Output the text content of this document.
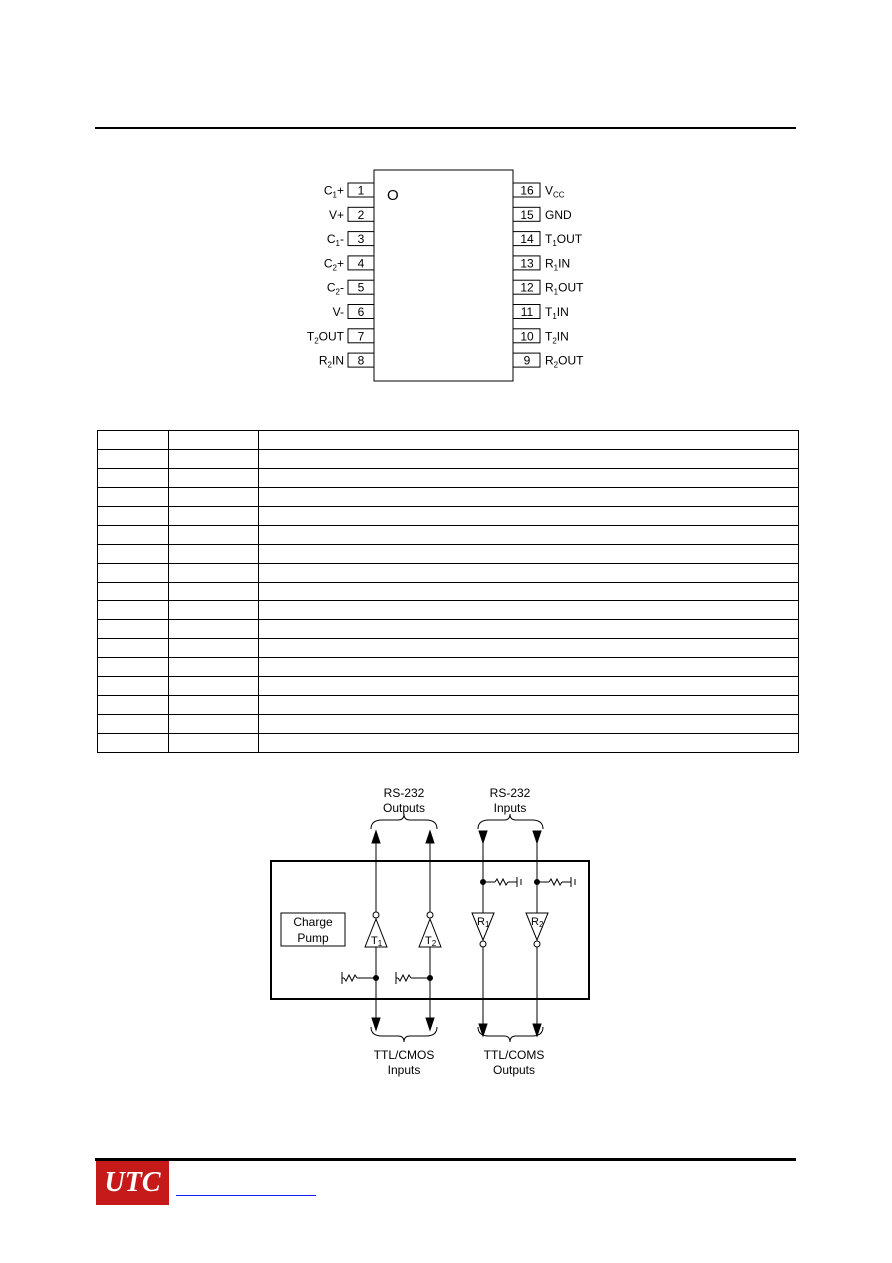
O
1
$C_1+$
2
V+
3
$C_1-$
4
$C_2+$
5
$C_2-$
6
V-
7
$T_2OUT$
8
$R_2IN$
16 $V_{CC}$
15 GND
14 $T_1OUT$
13 $R_1IN$
12 $R_1OUT$
11 $T_1IN$
10 $T_2IN$
9 $R_2OUT$
RS-232
Outputs
RS-232
Inputs
TTL/CMOS
Inputs
TTL/COMS
Outputs
Charge
Pump	T1	T2
R1	R2

UTC
